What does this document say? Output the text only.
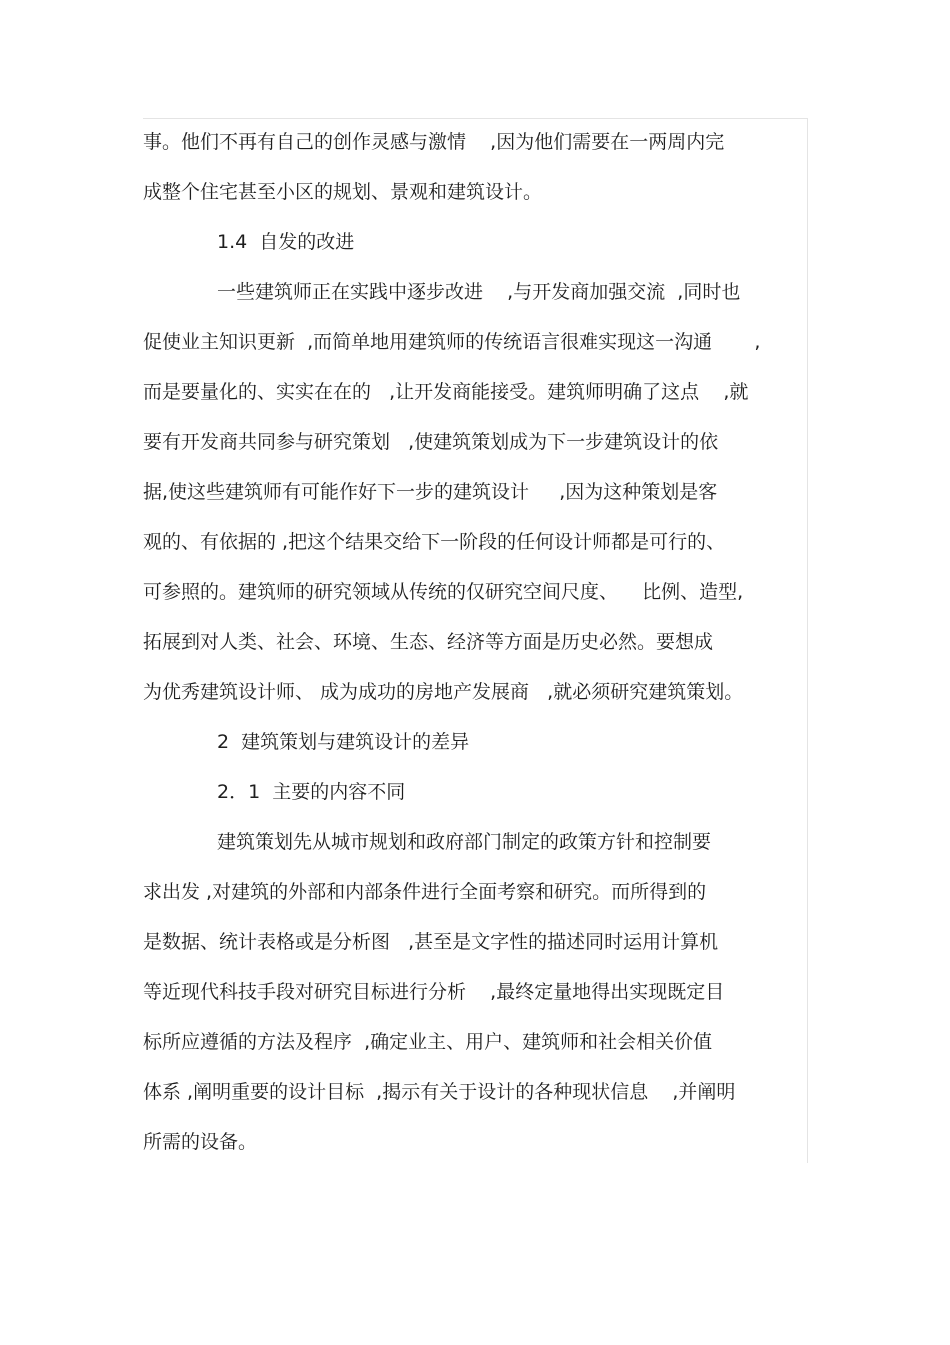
事。他们不再有自己的创作灵感与激情    ,因为他们需要在一两周内完
成整个住宅甚至小区的规划、景观和建筑设计。
1.4  自发的改进
一些建筑师正在实践中逐步改进    ,与开发商加强交流  ,同时也
促使业主知识更新  ,而简单地用建筑师的传统语言很难实现这一沟通       ,
而是要量化的、实实在在的   ,让开发商能接受。建筑师明确了这点    ,就
要有开发商共同参与研究策划   ,使建筑策划成为下一步建筑设计的依
据,使这些建筑师有可能作好下一步的建筑设计     ,因为这种策划是客
观的、有依据的 ,把这个结果交给下一阶段的任何设计师都是可行的、
可参照的。建筑师的研究领域从传统的仅研究空间尺度、    比例、造型,
拓展到对人类、社会、环境、生态、经济等方面是历史必然。要想成
为优秀建筑设计师、 成为成功的房地产发展商   ,就必须研究建筑策划。
2  建筑策划与建筑设计的差异
2．1  主要的内容不同
建筑策划先从城市规划和政府部门制定的政策方针和控制要
求出发 ,对建筑的外部和内部条件进行全面考察和研究。而所得到的
是数据、统计表格或是分析图   ,甚至是文字性的描述同时运用计算机
等近现代科技手段对研究目标进行分析    ,最终定量地得出实现既定目
标所应遵循的方法及程序  ,确定业主、用户、建筑师和社会相关价值
体系 ,阐明重要的设计目标  ,揭示有关于设计的各种现状信息    ,并阐明
所需的设备。
